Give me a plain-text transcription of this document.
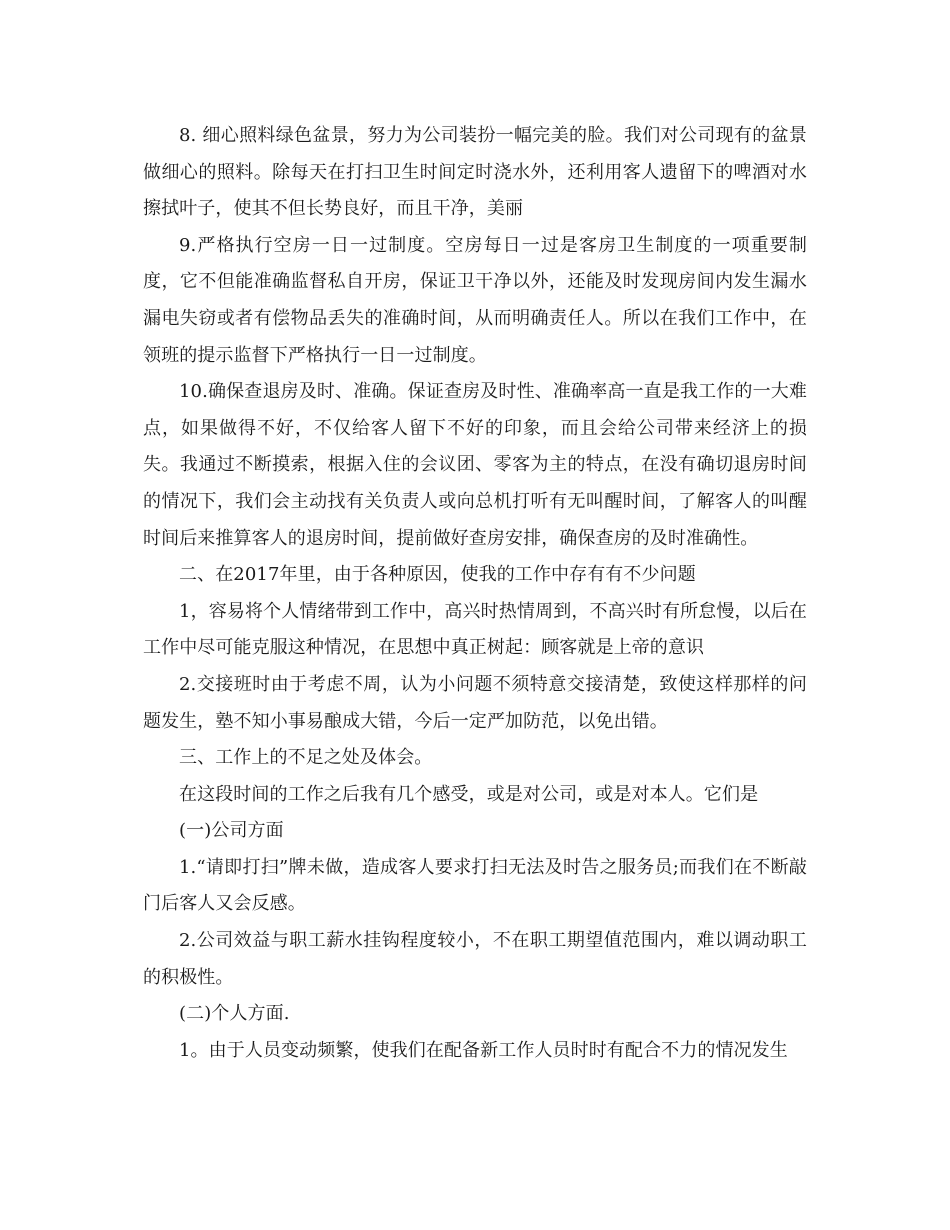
8. 细心照料绿色盆景，努力为公司装扮一幅完美的脸。我们对公司现有的盆景做细心的照料。除每天在打扫卫生时间定时浇水外，还利用客人遗留下的啤酒对水擦拭叶子，使其不但长势良好，而且干净，美丽

9.严格执行空房一日一过制度。空房每日一过是客房卫生制度的一项重要制度，它不但能准确监督私自开房，保证卫干净以外，还能及时发现房间内发生漏水漏电失窃或者有偿物品丢失的准确时间，从而明确责任人。所以在我们工作中，在领班的提示监督下严格执行一日一过制度。

10.确保查退房及时、准确。保证查房及时性、准确率高一直是我工作的一大难点，如果做得不好，不仅给客人留下不好的印象，而且会给公司带来经济上的损失。我通过不断摸索，根据入住的会议团、零客为主的特点，在没有确切退房时间的情况下，我们会主动找有关负责人或向总机打听有无叫醒时间，了解客人的叫醒时间后来推算客人的退房时间，提前做好查房安排，确保查房的及时准确性。

二、在2017年里，由于各种原因，使我的工作中存有有不少问题

1，容易将个人情绪带到工作中，高兴时热情周到，不高兴时有所怠慢，以后在工作中尽可能克服这种情况，在思想中真正树起：顾客就是上帝的意识

2.交接班时由于考虑不周，认为小问题不须特意交接清楚，致使这样那样的问题发生，塾不知小事易酿成大错，今后一定严加防范，以免出错。

三、工作上的不足之处及体会。

在这段时间的工作之后我有几个感受，或是对公司，或是对本人。它们是

(一)公司方面

1.“请即打扫”牌未做，造成客人要求打扫无法及时告之服务员;而我们在不断敲门后客人又会反感。

2.公司效益与职工薪水挂钩程度较小，不在职工期望值范围内，难以调动职工的积极性。

(二)个人方面.

1。由于人员变动频繁，使我们在配备新工作人员时时有配合不力的情况发生
